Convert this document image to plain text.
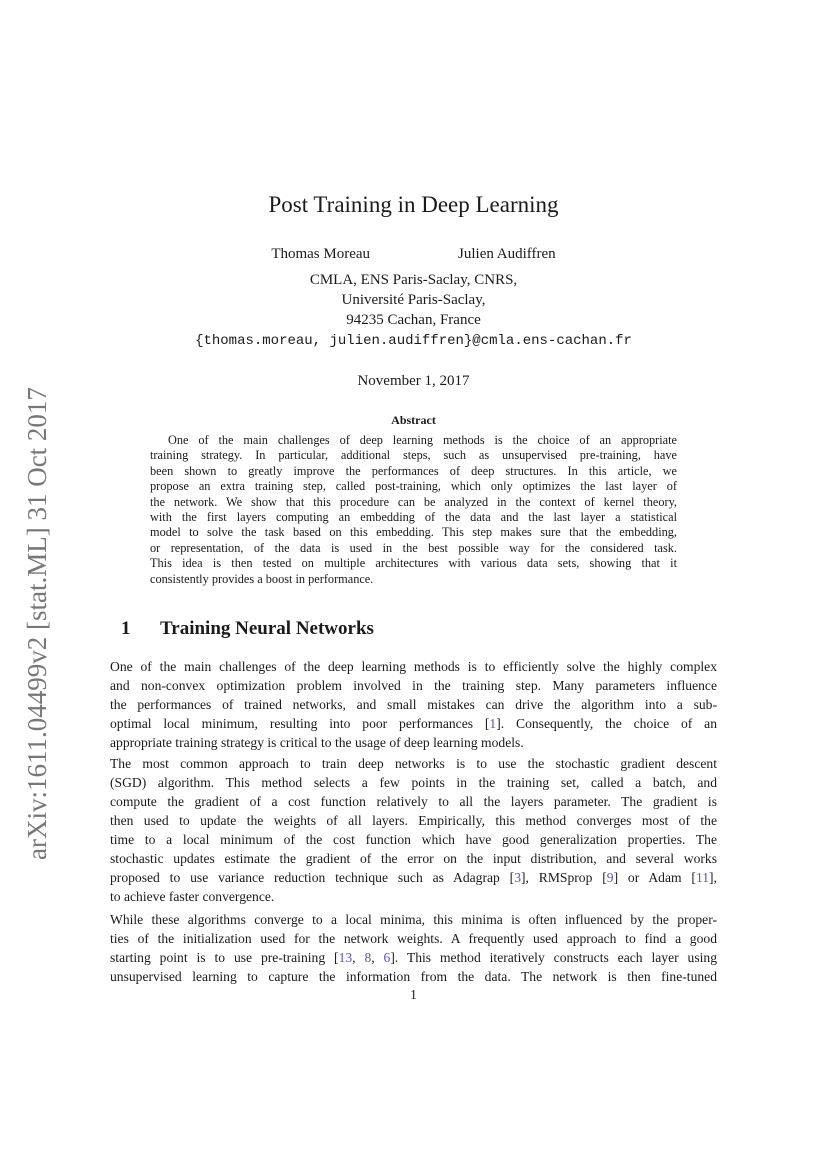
arXiv:1611.04499v2 [stat.ML] 31 Oct 2017
Post Training in Deep Learning
Thomas Moreau	Julien Audiffren
CMLA, ENS Paris-Saclay, CNRS,
Université Paris-Saclay,
94235 Cachan, France
{thomas.moreau, julien.audiffren}@cmla.ens-cachan.fr
November 1, 2017
Abstract
One of the main challenges of deep learning methods is the choice of an appropriate
training strategy. In particular, additional steps, such as unsupervised pre-training, have
been shown to greatly improve the performances of deep structures. In this article, we
propose an extra training step, called post-training, which only optimizes the last layer of
the network. We show that this procedure can be analyzed in the context of kernel theory,
with the first layers computing an embedding of the data and the last layer a statistical
model to solve the task based on this embedding. This step makes sure that the embedding,
or representation, of the data is used in the best possible way for the considered task.
This idea is then tested on multiple architectures with various data sets, showing that it
consistently provides a boost in performance.
1 Training Neural Networks
One of the main challenges of the deep learning methods is to efficiently solve the highly complex
and non-convex optimization problem involved in the training step. Many parameters influence
the performances of trained networks, and small mistakes can drive the algorithm into a sub-
optimal local minimum, resulting into poor performances [1]. Consequently, the choice of an
appropriate training strategy is critical to the usage of deep learning models.
The most common approach to train deep networks is to use the stochastic gradient descent
(SGD) algorithm. This method selects a few points in the training set, called a batch, and
compute the gradient of a cost function relatively to all the layers parameter. The gradient is
then used to update the weights of all layers. Empirically, this method converges most of the
time to a local minimum of the cost function which have good generalization properties. The
stochastic updates estimate the gradient of the error on the input distribution, and several works
proposed to use variance reduction technique such as Adagrap [3], RMSprop [9] or Adam [11],
to achieve faster convergence.
While these algorithms converge to a local minima, this minima is often influenced by the proper-
ties of the initialization used for the network weights. A frequently used approach to find a good
starting point is to use pre-training [13, 8, 6]. This method iteratively constructs each layer using
unsupervised learning to capture the information from the data. The network is then fine-tuned
1
